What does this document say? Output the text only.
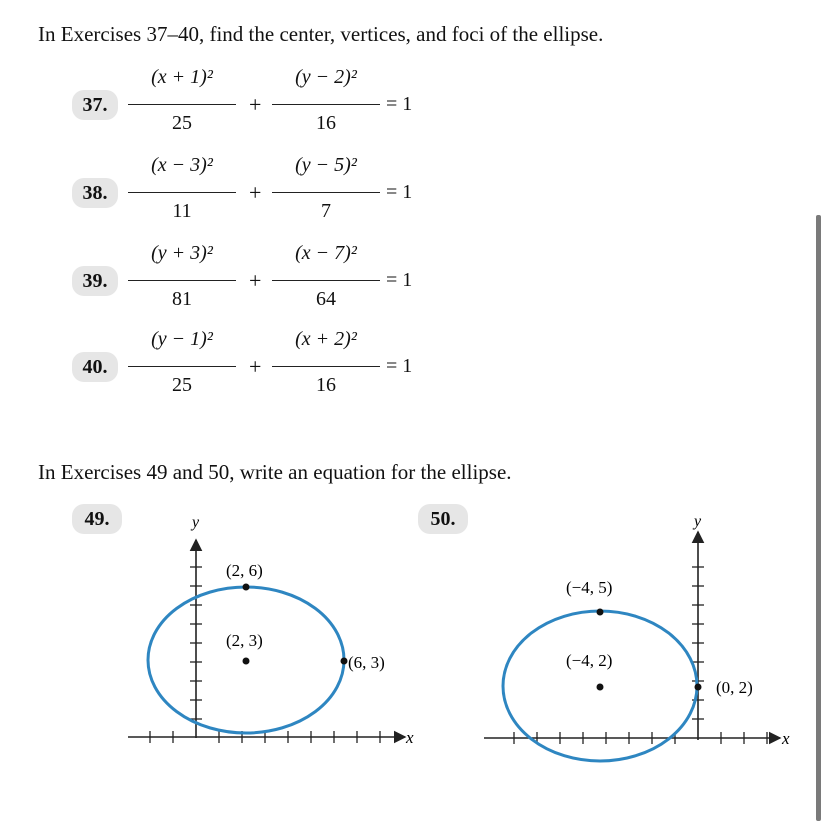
In Exercises 37–40, find the center, vertices, and foci of the ellipse.
37.
(x + 1)²
25
+
(y − 2)²
16
= 1
38.
(x − 3)²
11
+
(y − 5)²
7
= 1
39.
(y + 3)²
81
+
(x − 7)²
64
= 1
40.
(y − 1)²
25
+
(x + 2)²
16
= 1
In Exercises 49 and 50, write an equation for the ellipse.
49.	50.
y
x
(2, 6)
(2, 3)
(6, 3)
y
x
(−4, 5)
(−4, 2)
(0, 2)
